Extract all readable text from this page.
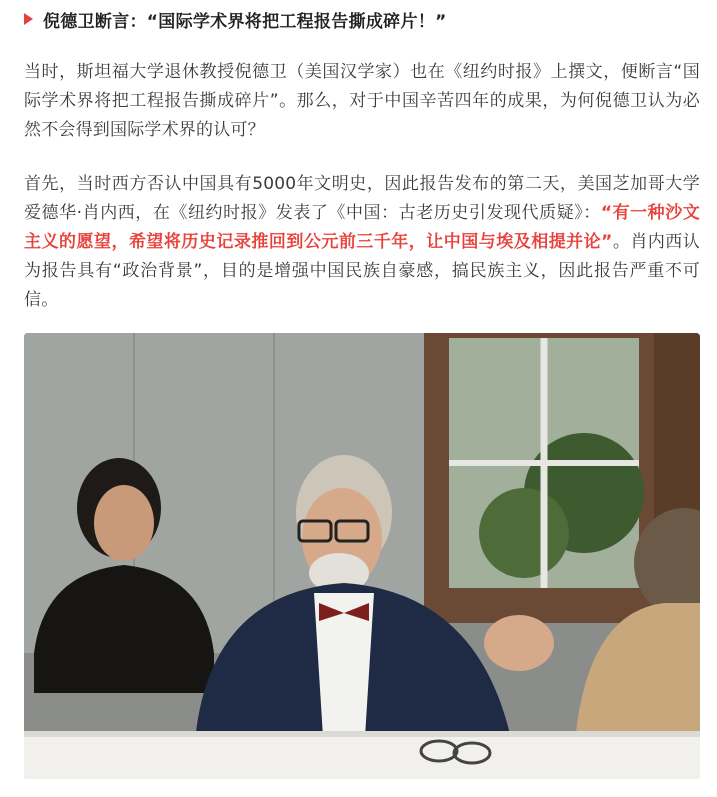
倪德卫断言：“国际学术界将把工程报告撕成碎片！”

当时，斯坦福大学退休教授倪德卫（美国汉学家）也在《纽约时报》上撰文，便断言“国际学术界将把工程报告撕成碎片”。那么，对于中国辛苦四年的成果，为何倪德卫认为必然不会得到国际学术界的认可？

首先，当时西方否认中国具有5000年文明史，因此报告发布的第二天，美国芝加哥大学爱德华·肖内西，在《纽约时报》发表了《中国：古老历史引发现代质疑》：“有一种沙文主义的愿望，希望将历史记录推回到公元前三千年，让中国与埃及相提并论”。肖内西认为报告具有“政治背景”，目的是增强中国民族自豪感，搞民族主义，因此报告严重不可信。
